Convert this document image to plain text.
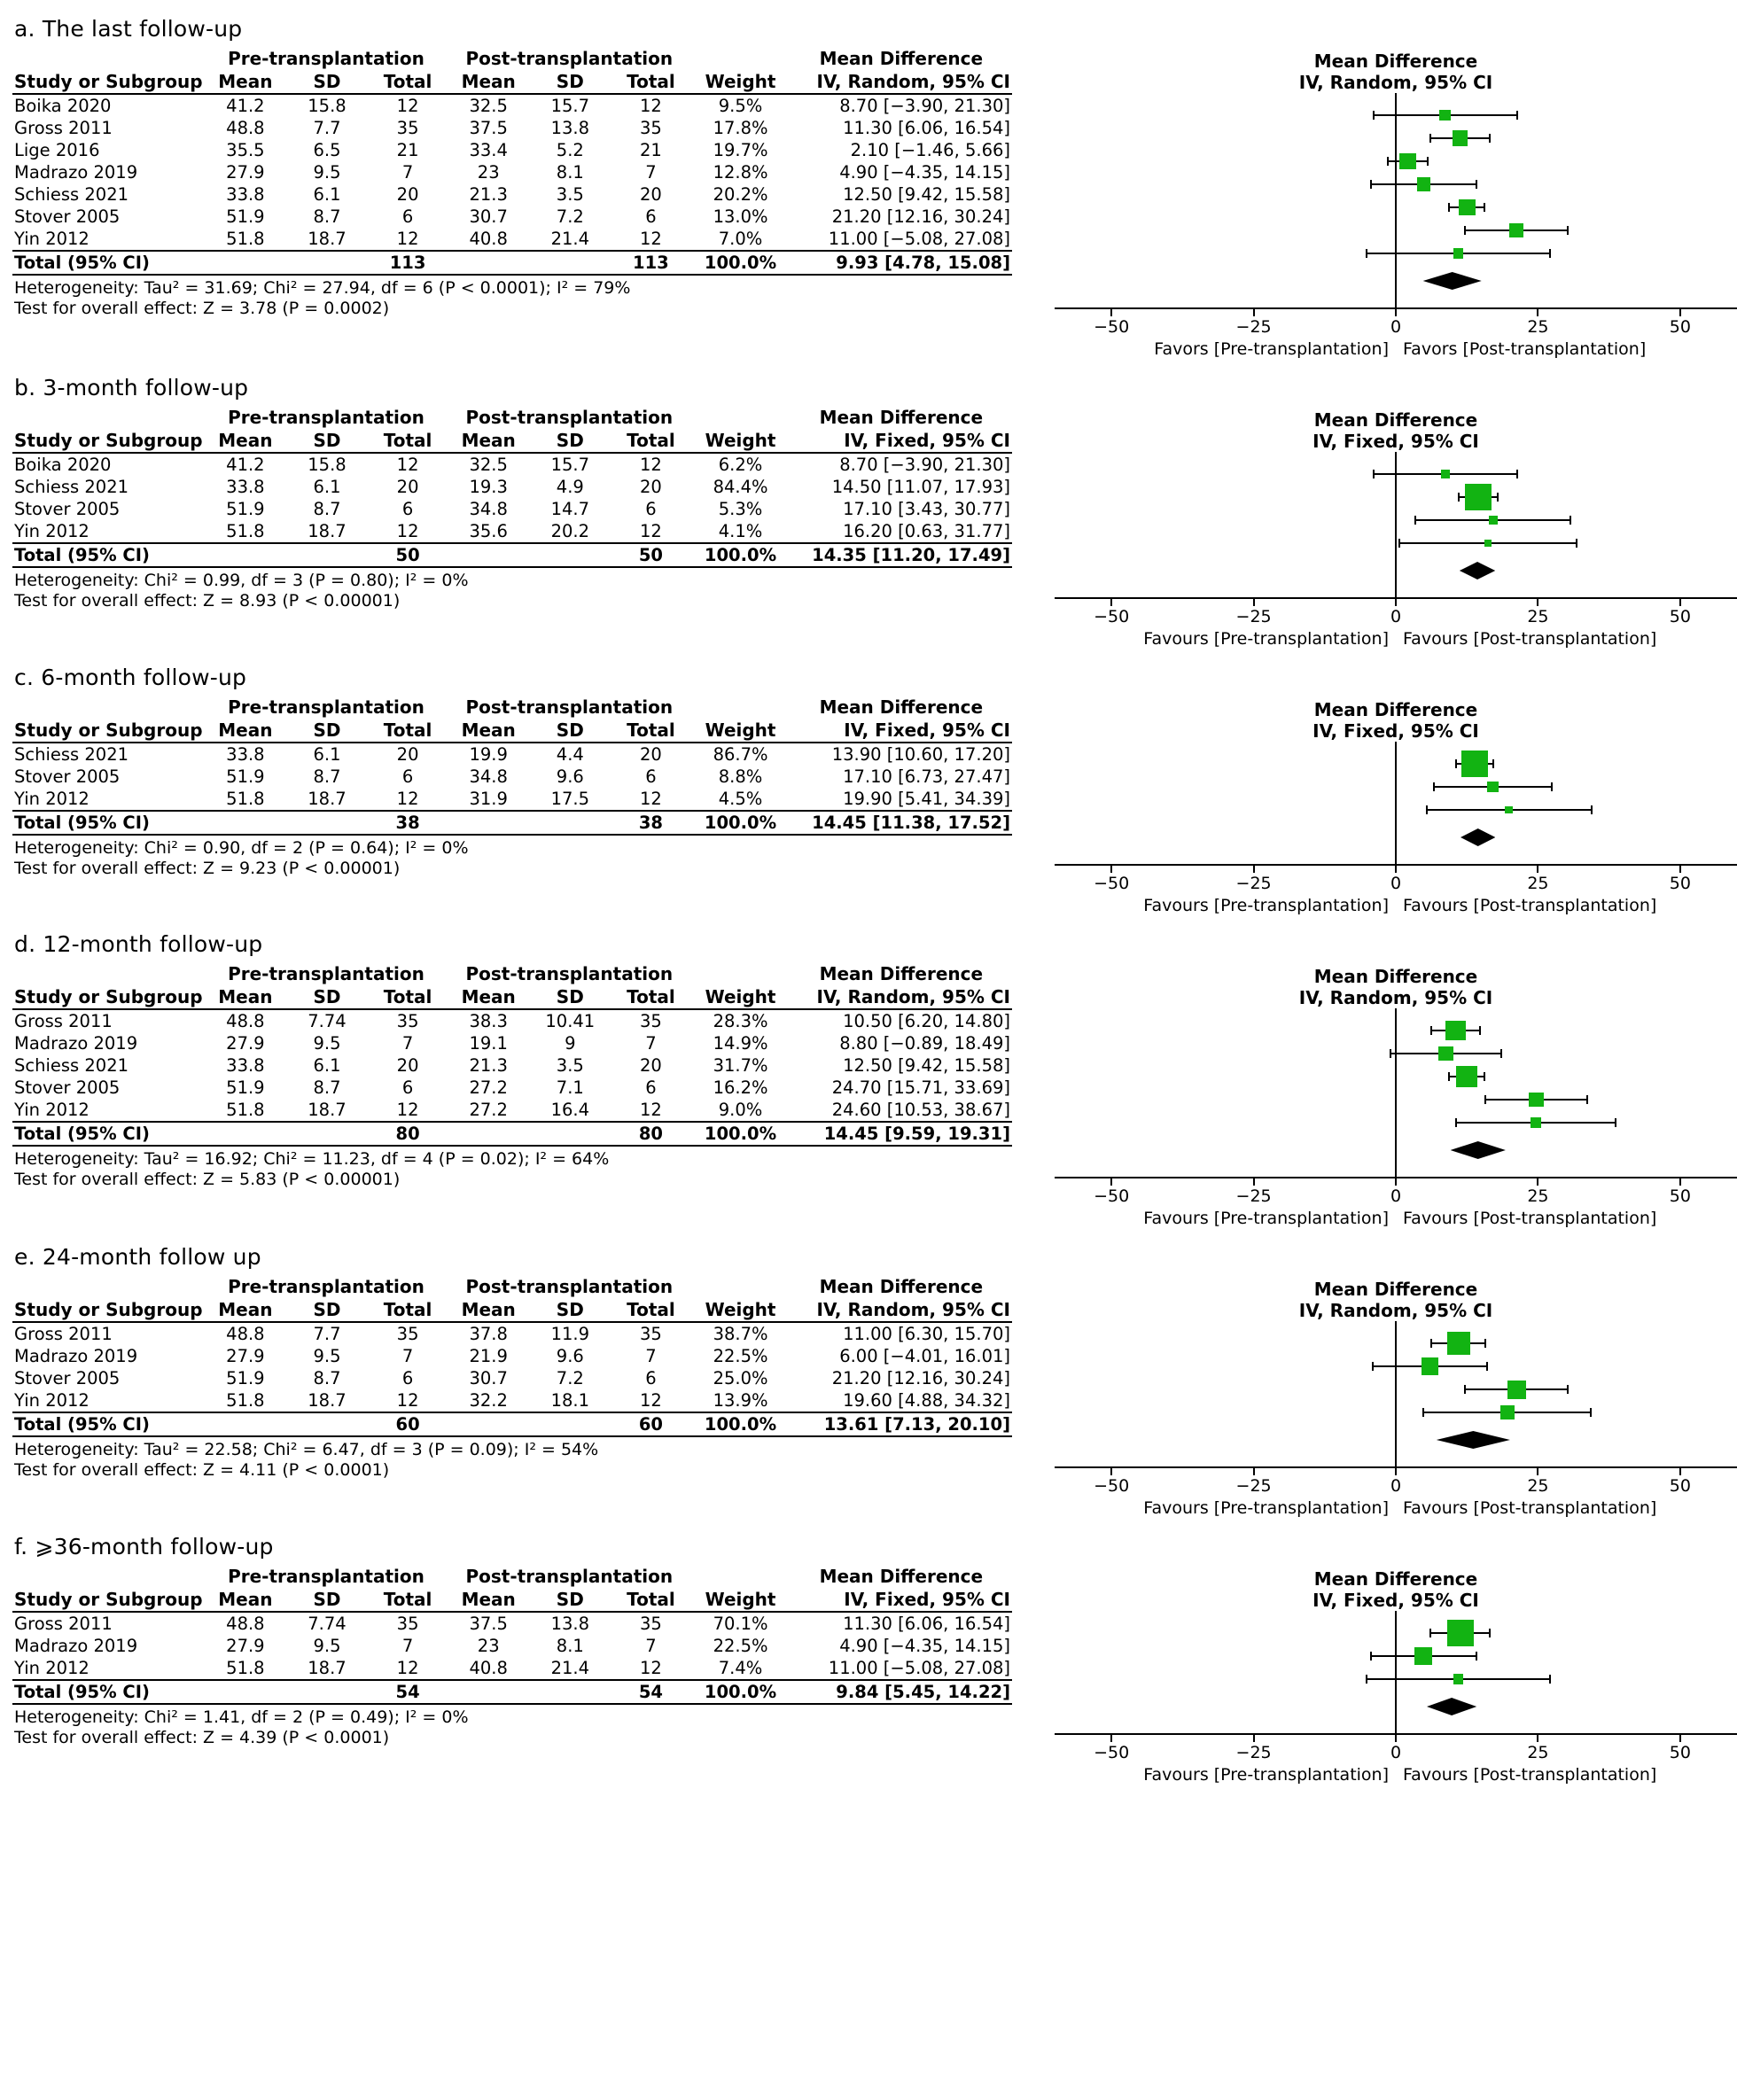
a. The last follow-up
	Pre-transplantation			Post-transplantation				Mean Difference
Study or Subgroup	Mean	SD	Total	Mean	SD	Total	Weight	IV, Random, 95% CI
Boika 2020	41.2	15.8	12	32.5	15.7	12	9.5%	8.70 [−3.90, 21.30]
Gross 2011	48.8	7.7	35	37.5	13.8	35	17.8%	11.30 [6.06, 16.54]
Lige 2016	35.5	6.5	21	33.4	5.2	21	19.7%	2.10 [−1.46, 5.66]
Madrazo 2019	27.9	9.5	7	23	8.1	7	12.8%	4.90 [−4.35, 14.15]
Schiess 2021	33.8	6.1	20	21.3	3.5	20	20.2%	12.50 [9.42, 15.58]
Stover 2005	51.9	8.7	6	30.7	7.2	6	13.0%	21.20 [12.16, 30.24]
Yin 2012	51.8	18.7	12	40.8	21.4	12	7.0%	11.00 [−5.08, 27.08]
Total (95% CI)			113			113	100.0%	9.93 [4.78, 15.08]
Heterogeneity: Tau² = 31.69; Chi² = 27.94, df = 6 (P < 0.0001); I² = 79%
Test for overall effect: Z = 3.78 (P = 0.0002)
−50	−25	0	25	50
Favors [Pre-transplantation] Favors [Post-transplantation]
Mean Difference
IV, Random, 95% CI
b. 3-month follow-up
	Pre-transplantation			Post-transplantation				Mean Difference
Study or Subgroup	Mean	SD	Total	Mean	SD	Total	Weight	IV, Fixed, 95% CI
Boika 2020	41.2	15.8	12	32.5	15.7	12	6.2%	8.70 [−3.90, 21.30]
Schiess 2021	33.8	6.1	20	19.3	4.9	20	84.4%	14.50 [11.07, 17.93]
Stover 2005	51.9	8.7	6	34.8	14.7	6	5.3%	17.10 [3.43, 30.77]
Yin 2012	51.8	18.7	12	35.6	20.2	12	4.1%	16.20 [0.63, 31.77]
Total (95% CI)			50			50	100.0%	14.35 [11.20, 17.49]
Heterogeneity: Chi² = 0.99, df = 3 (P = 0.80); I² = 0%
Test for overall effect: Z = 8.93 (P < 0.00001)
−50	−25	0	25	50
Favours [Pre-transplantation] Favours [Post-transplantation]
Mean Difference
IV, Fixed, 95% CI
c. 6-month follow-up
	Pre-transplantation			Post-transplantation				Mean Difference
Study or Subgroup	Mean	SD	Total	Mean	SD	Total	Weight	IV, Fixed, 95% CI
Schiess 2021	33.8	6.1	20	19.9	4.4	20	86.7%	13.90 [10.60, 17.20]
Stover 2005	51.9	8.7	6	34.8	9.6	6	8.8%	17.10 [6.73, 27.47]
Yin 2012	51.8	18.7	12	31.9	17.5	12	4.5%	19.90 [5.41, 34.39]
Total (95% CI)			38			38	100.0%	14.45 [11.38, 17.52]
Heterogeneity: Chi² = 0.90, df = 2 (P = 0.64); I² = 0%
Test for overall effect: Z = 9.23 (P < 0.00001)
−50	−25	0	25	50
Favours [Pre-transplantation] Favours [Post-transplantation]
Mean Difference
IV, Fixed, 95% CI
d. 12-month follow-up
	Pre-transplantation			Post-transplantation				Mean Difference
Study or Subgroup	Mean	SD	Total	Mean	SD	Total	Weight	IV, Random, 95% CI
Gross 2011	48.8	7.74	35	38.3	10.41	35	28.3%	10.50 [6.20, 14.80]
Madrazo 2019	27.9	9.5	7	19.1	9	7	14.9%	8.80 [−0.89, 18.49]
Schiess 2021	33.8	6.1	20	21.3	3.5	20	31.7%	12.50 [9.42, 15.58]
Stover 2005	51.9	8.7	6	27.2	7.1	6	16.2%	24.70 [15.71, 33.69]
Yin 2012	51.8	18.7	12	27.2	16.4	12	9.0%	24.60 [10.53, 38.67]
Total (95% CI)			80			80	100.0%	14.45 [9.59, 19.31]
Heterogeneity: Tau² = 16.92; Chi² = 11.23, df = 4 (P = 0.02); I² = 64%
Test for overall effect: Z = 5.83 (P < 0.00001)
−50	−25	0	25	50
Favours [Pre-transplantation] Favours [Post-transplantation]
Mean Difference
IV, Random, 95% CI
e. 24-month follow up
	Pre-transplantation			Post-transplantation				Mean Difference
Study or Subgroup	Mean	SD	Total	Mean	SD	Total	Weight	IV, Random, 95% CI
Gross 2011	48.8	7.7	35	37.8	11.9	35	38.7%	11.00 [6.30, 15.70]
Madrazo 2019	27.9	9.5	7	21.9	9.6	7	22.5%	6.00 [−4.01, 16.01]
Stover 2005	51.9	8.7	6	30.7	7.2	6	25.0%	21.20 [12.16, 30.24]
Yin 2012	51.8	18.7	12	32.2	18.1	12	13.9%	19.60 [4.88, 34.32]
Total (95% CI)			60			60	100.0%	13.61 [7.13, 20.10]
Heterogeneity: Tau² = 22.58; Chi² = 6.47, df = 3 (P = 0.09); I² = 54%
Test for overall effect: Z = 4.11 (P < 0.0001)
−50	−25	0	25	50
Favours [Pre-transplantation] Favours [Post-transplantation]
Mean Difference
IV, Random, 95% CI
f. ⩾36-month follow-up
	Pre-transplantation			Post-transplantation				Mean Difference
Study or Subgroup	Mean	SD	Total	Mean	SD	Total	Weight	IV, Fixed, 95% CI
Gross 2011	48.8	7.74	35	37.5	13.8	35	70.1%	11.30 [6.06, 16.54]
Madrazo 2019	27.9	9.5	7	23	8.1	7	22.5%	4.90 [−4.35, 14.15]
Yin 2012	51.8	18.7	12	40.8	21.4	12	7.4%	11.00 [−5.08, 27.08]
Total (95% CI)			54			54	100.0%	9.84 [5.45, 14.22]
Heterogeneity: Chi² = 1.41, df = 2 (P = 0.49); I² = 0%
Test for overall effect: Z = 4.39 (P < 0.0001)
−50	−25	0	25	50
Favours [Pre-transplantation] Favours [Post-transplantation]
Mean Difference
IV, Fixed, 95% CI
